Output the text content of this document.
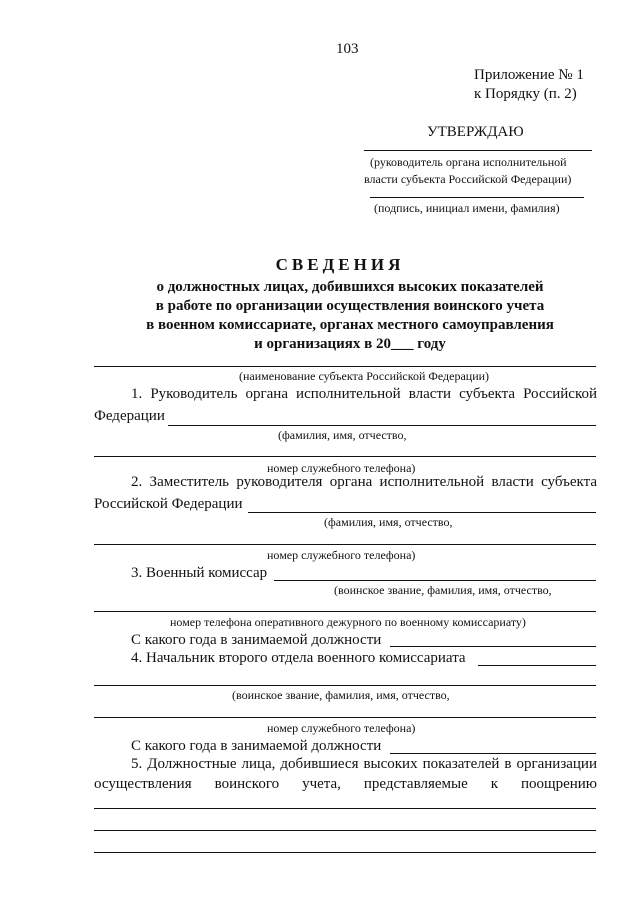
103
Приложение № 1
к Порядку (п. 2)
УТВЕРЖДАЮ
(руководитель органа исполнительной
власти субъекта Российской Федерации)
(подпись, инициал имени, фамилия)
СВЕДЕНИЯ
о должностных лицах, добившихся высоких показателей
в работе по организации осуществления воинского учета
в военном комиссариате, органах местного самоуправления
и организациях в 20___ году
(наименование субъекта Российской Федерации)
1. Руководитель органа исполнительной власти субъекта Российской
Федерации
(фамилия, имя, отчество,
номер служебного телефона)
2. Заместитель руководителя органа исполнительной власти субъекта
Российской Федерации
(фамилия, имя, отчество,
номер служебного телефона)
3. Военный комиссар
(воинское звание, фамилия, имя, отчество,
номер телефона оперативного дежурного по военному комиссариату)
С какого года в занимаемой должности
4. Начальник второго отдела военного комиссариата
(воинское звание, фамилия, имя, отчество,
номер служебного телефона)
С какого года в занимаемой должности
5. Должностные лица, добившиеся высоких показателей в организации
осуществления воинского учета, представляемые к поощрению
